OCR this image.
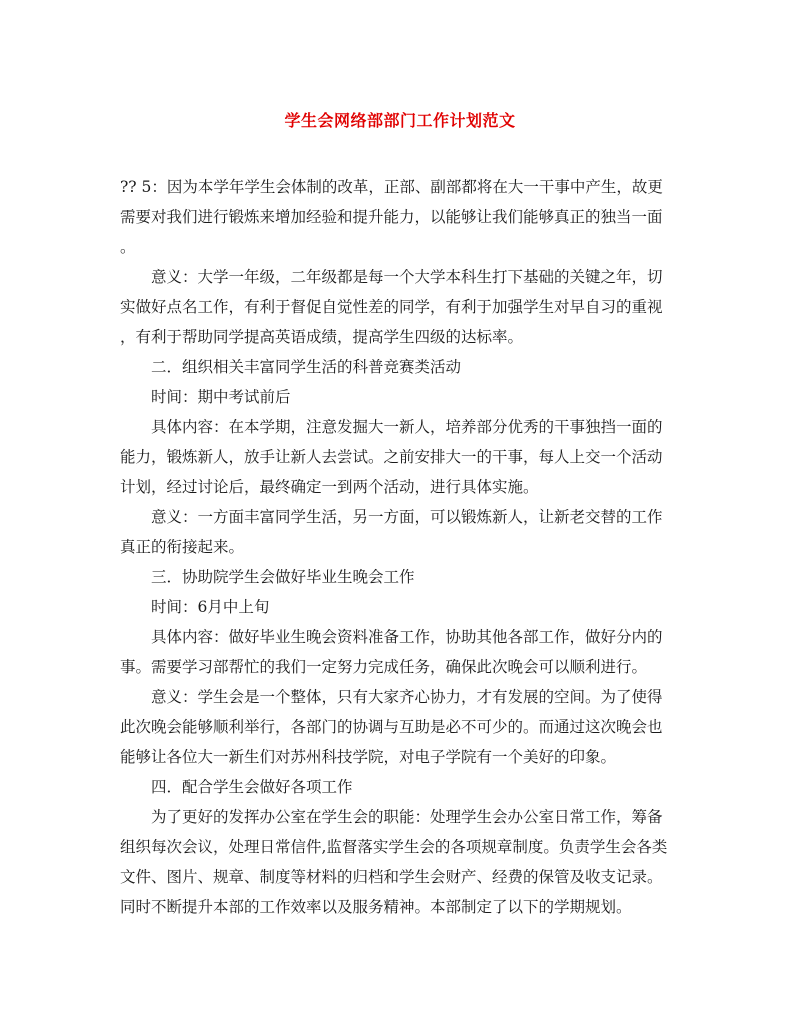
学生会网络部部门工作计划范文
?? 5：因为本学年学生会体制的改革，正部、副部都将在大一干事中产生，故更
需要对我们进行锻炼来增加经验和提升能力，以能够让我们能够真正的独当一面
。
意义：大学一年级，二年级都是每一个大学本科生打下基础的关键之年，切
实做好点名工作，有利于督促自觉性差的同学，有利于加强学生对早自习的重视
，有利于帮助同学提高英语成绩，提高学生四级的达标率。
二．组织相关丰富同学生活的科普竞赛类活动
时间：期中考试前后
具体内容：在本学期，注意发掘大一新人，培养部分优秀的干事独挡一面的
能力，锻炼新人，放手让新人去尝试。之前安排大一的干事，每人上交一个活动
计划，经过讨论后，最终确定一到两个活动，进行具体实施。
意义：一方面丰富同学生活，另一方面，可以锻炼新人，让新老交替的工作
真正的衔接起来。
三．协助院学生会做好毕业生晚会工作
时间：6月中上旬
具体内容：做好毕业生晚会资料准备工作，协助其他各部工作，做好分内的
事。需要学习部帮忙的我们一定努力完成任务，确保此次晚会可以顺利进行。
意义：学生会是一个整体，只有大家齐心协力，才有发展的空间。为了使得
此次晚会能够顺利举行，各部门的协调与互助是必不可少的。而通过这次晚会也
能够让各位大一新生们对苏州科技学院，对电子学院有一个美好的印象。
四．配合学生会做好各项工作
为了更好的发挥办公室在学生会的职能：处理学生会办公室日常工作，筹备
组织每次会议，处理日常信件,监督落实学生会的各项规章制度。负责学生会各类
文件、图片、规章、制度等材料的归档和学生会财产、经费的保管及收支记录。
同时不断提升本部的工作效率以及服务精神。本部制定了以下的学期规划。
